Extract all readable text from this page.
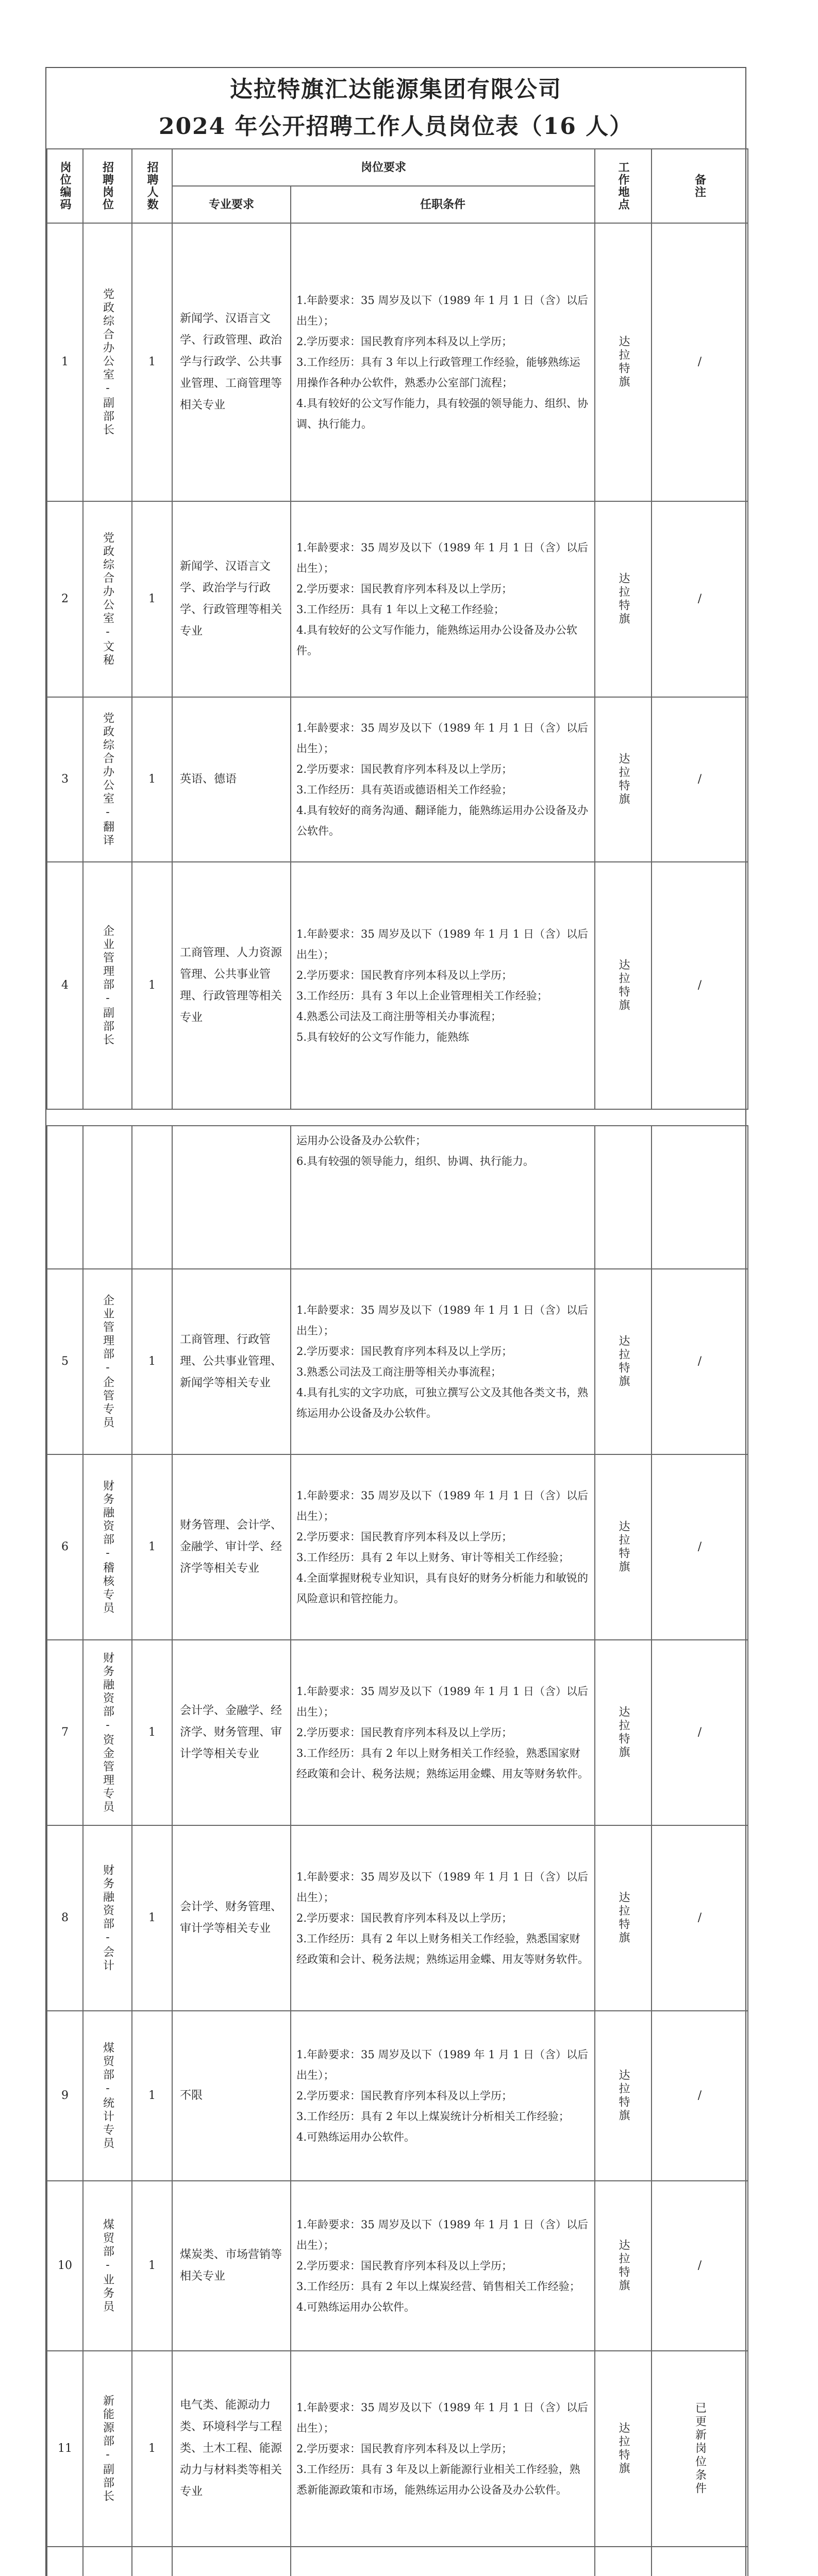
达拉特旗汇达能源集团有限公司
2024 年公开招聘工作人员岗位表（16 人）
岗位编码	招聘岗位	招聘人数	岗位要求		工作地点	备注

			专业要求	任职条件		
1	党政综合办公室-副部长	1	新闻学、汉语言文学、行政管理、政治学与行政学、公共事业管理、工商管理等相关专业	1.年龄要求：35 周岁及以下（1989 年 1 月 1 日（含）以后出生）；
2.学历要求：国民教育序列本科及以上学历；
3.工作经历：具有 3 年以上行政管理工作经验，能够熟练运用操作各种办公软件，熟悉办公室部门流程；
4.具有较好的公文写作能力，具有较强的领导能力、组织、协调、执行能力。	达拉特旗	/
2	党政综合办公室-文秘	1	新闻学、汉语言文学、政治学与行政学、行政管理等相关专业	1.年龄要求：35 周岁及以下（1989 年 1 月 1 日（含）以后出生）；
2.学历要求：国民教育序列本科及以上学历；
3.工作经历：具有 1 年以上文秘工作经验；
4.具有较好的公文写作能力，能熟练运用办公设备及办公软件。	达拉特旗	/
3	党政综合办公室-翻译	1	英语、德语	1.年龄要求：35 周岁及以下（1989 年 1 月 1 日（含）以后出生）；
2.学历要求：国民教育序列本科及以上学历；
3.工作经历：具有英语或德语相关工作经验；
4.具有较好的商务沟通、翻译能力，能熟练运用办公设备及办公软件。	达拉特旗	/
4	企业管理部-副部长	1	工商管理、人力资源管理、公共事业管理、行政管理等相关专业	1.年龄要求：35 周岁及以下（1989 年 1 月 1 日（含）以后出生）；
2.学历要求：国民教育序列本科及以上学历；
3.工作经历：具有 3 年以上企业管理相关工作经验；
4.熟悉公司法及工商注册等相关办事流程；
5.具有较好的公文写作能力，能熟练	达拉特旗	/

				运用办公设备及办公软件；
6.具有较强的领导能力，组织、协调、执行能力。		

5	企业管理部-企管专员	1	工商管理、行政管理、公共事业管理、新闻学等相关专业	1.年龄要求：35 周岁及以下（1989 年 1 月 1 日（含）以后出生）；
2.学历要求：国民教育序列本科及以上学历；
3.熟悉公司法及工商注册等相关办事流程；
4.具有扎实的文字功底，可独立撰写公文及其他各类文书，熟练运用办公设备及办公软件。	达拉特旗	/
6	财务融资部-稽核专员	1	财务管理、会计学、金融学、审计学、经济学等相关专业	1.年龄要求：35 周岁及以下（1989 年 1 月 1 日（含）以后出生）；
2.学历要求：国民教育序列本科及以上学历；
3.工作经历：具有 2 年以上财务、审计等相关工作经验；
4.全面掌握财税专业知识，具有良好的财务分析能力和敏锐的风险意识和管控能力。	达拉特旗	/
7	财务融资部-资金管理专员	1	会计学、金融学、经济学、财务管理、审计学等相关专业	1.年龄要求：35 周岁及以下（1989 年 1 月 1 日（含）以后出生）；
2.学历要求：国民教育序列本科及以上学历；
3.工作经历：具有 2 年以上财务相关工作经验，熟悉国家财经政策和会计、税务法规；熟练运用金蝶、用友等财务软件。	达拉特旗	/
8	财务融资部-会计	1	会计学、财务管理、审计学等相关专业	1.年龄要求：35 周岁及以下（1989 年 1 月 1 日（含）以后出生）；
2.学历要求：国民教育序列本科及以上学历；
3.工作经历：具有 2 年以上财务相关工作经验，熟悉国家财经政策和会计、税务法规；熟练运用金蝶、用友等财务软件。	达拉特旗	/
9	煤贸部-统计专员	1	不限	1.年龄要求：35 周岁及以下（1989 年 1 月 1 日（含）以后出生）；
2.学历要求：国民教育序列本科及以上学历；
3.工作经历：具有 2 年以上煤炭统计分析相关工作经验；
4.可熟练运用办公软件。	达拉特旗	/
10	煤贸部-业务员	1	煤炭类、市场营销等相关专业	1.年龄要求：35 周岁及以下（1989 年 1 月 1 日（含）以后出生）；
2.学历要求：国民教育序列本科及以上学历；
3.工作经历：具有 2 年以上煤炭经营、销售相关工作经验；
4.可熟练运用办公软件。	达拉特旗	/
11	新能源部-副部长	1	电气类、能源动力类、环境科学与工程类、土木工程、能源动力与材料类等相关专业	1.年龄要求：35 周岁及以下（1989 年 1 月 1 日（含）以后出生）；
2.学历要求：国民教育序列本科及以上学历；
3.工作经历：具有 3 年及以上新能源行业相关工作经验，熟悉新能源政策和市场，能熟练运用办公设备及办公软件。	达拉特旗	已更新岗位条件
